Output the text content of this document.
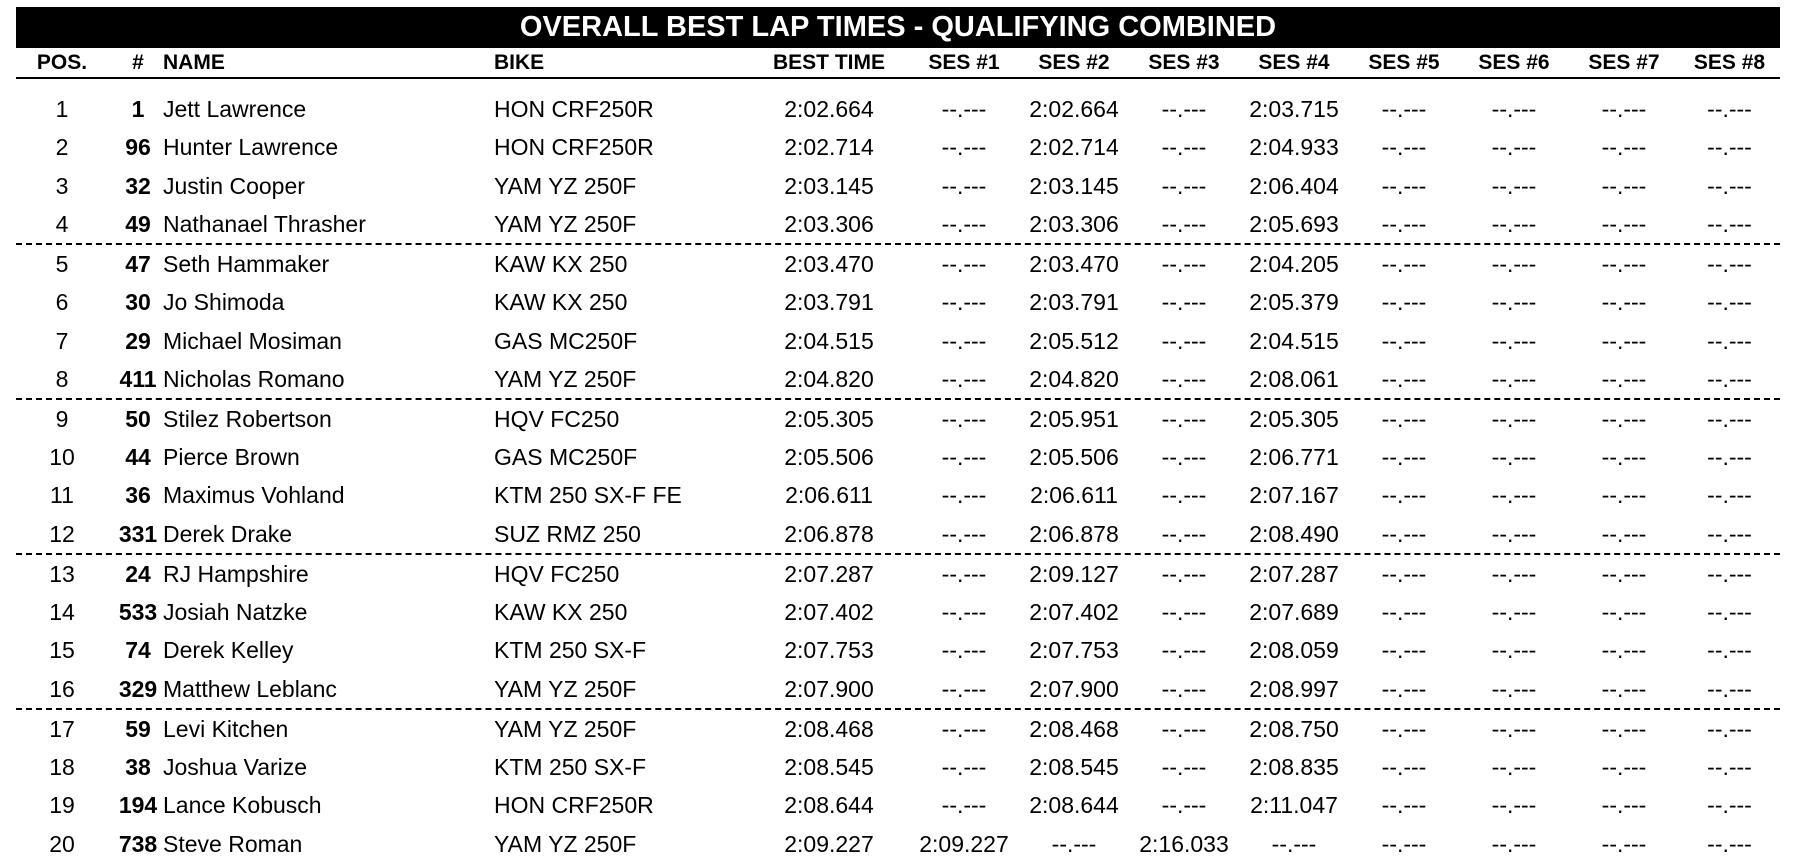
OVERALL BEST LAP TIMES - QUALIFYING COMBINED
POS.	# NAME	BIKE	BEST TIME	SES #1	SES #2	SES #3	SES #4	SES #5	SES #6	SES #7	SES #8
1	1 Jett Lawrence	HON CRF250R	2:02.664	--.---	2:02.664	--.---	2:03.715	--.---	--.---	--.---	--.---
2	96 Hunter Lawrence	HON CRF250R	2:02.714	--.---	2:02.714	--.---	2:04.933	--.---	--.---	--.---	--.---
3	32 Justin Cooper	YAM YZ 250F	2:03.145	--.---	2:03.145	--.---	2:06.404	--.---	--.---	--.---	--.---
4	49 Nathanael Thrasher	YAM YZ 250F	2:03.306	--.---	2:03.306	--.---	2:05.693	--.---	--.---	--.---	--.---
5	47 Seth Hammaker	KAW KX 250	2:03.470	--.---	2:03.470	--.---	2:04.205	--.---	--.---	--.---	--.---
6	30 Jo Shimoda	KAW KX 250	2:03.791	--.---	2:03.791	--.---	2:05.379	--.---	--.---	--.---	--.---
7	29 Michael Mosiman	GAS MC250F	2:04.515	--.---	2:05.512	--.---	2:04.515	--.---	--.---	--.---	--.---
8	411 Nicholas Romano	YAM YZ 250F	2:04.820	--.---	2:04.820	--.---	2:08.061	--.---	--.---	--.---	--.---
9	50 Stilez Robertson	HQV FC250	2:05.305	--.---	2:05.951	--.---	2:05.305	--.---	--.---	--.---	--.---
10	44 Pierce Brown	GAS MC250F	2:05.506	--.---	2:05.506	--.---	2:06.771	--.---	--.---	--.---	--.---
11	36 Maximus Vohland	KTM 250 SX-F FE	2:06.611	--.---	2:06.611	--.---	2:07.167	--.---	--.---	--.---	--.---
12	331 Derek Drake	SUZ RMZ 250	2:06.878	--.---	2:06.878	--.---	2:08.490	--.---	--.---	--.---	--.---
13	24 RJ Hampshire	HQV FC250	2:07.287	--.---	2:09.127	--.---	2:07.287	--.---	--.---	--.---	--.---
14	533 Josiah Natzke	KAW KX 250	2:07.402	--.---	2:07.402	--.---	2:07.689	--.---	--.---	--.---	--.---
15	74 Derek Kelley	KTM 250 SX-F	2:07.753	--.---	2:07.753	--.---	2:08.059	--.---	--.---	--.---	--.---
16	329 Matthew Leblanc	YAM YZ 250F	2:07.900	--.---	2:07.900	--.---	2:08.997	--.---	--.---	--.---	--.---
17	59 Levi Kitchen	YAM YZ 250F	2:08.468	--.---	2:08.468	--.---	2:08.750	--.---	--.---	--.---	--.---
18	38 Joshua Varize	KTM 250 SX-F	2:08.545	--.---	2:08.545	--.---	2:08.835	--.---	--.---	--.---	--.---
19	194 Lance Kobusch	HON CRF250R	2:08.644	--.---	2:08.644	--.---	2:11.047	--.---	--.---	--.---	--.---
20	738 Steve Roman	YAM YZ 250F	2:09.227	2:09.227	--.---	2:16.033	--.---	--.---	--.---	--.---	--.---
